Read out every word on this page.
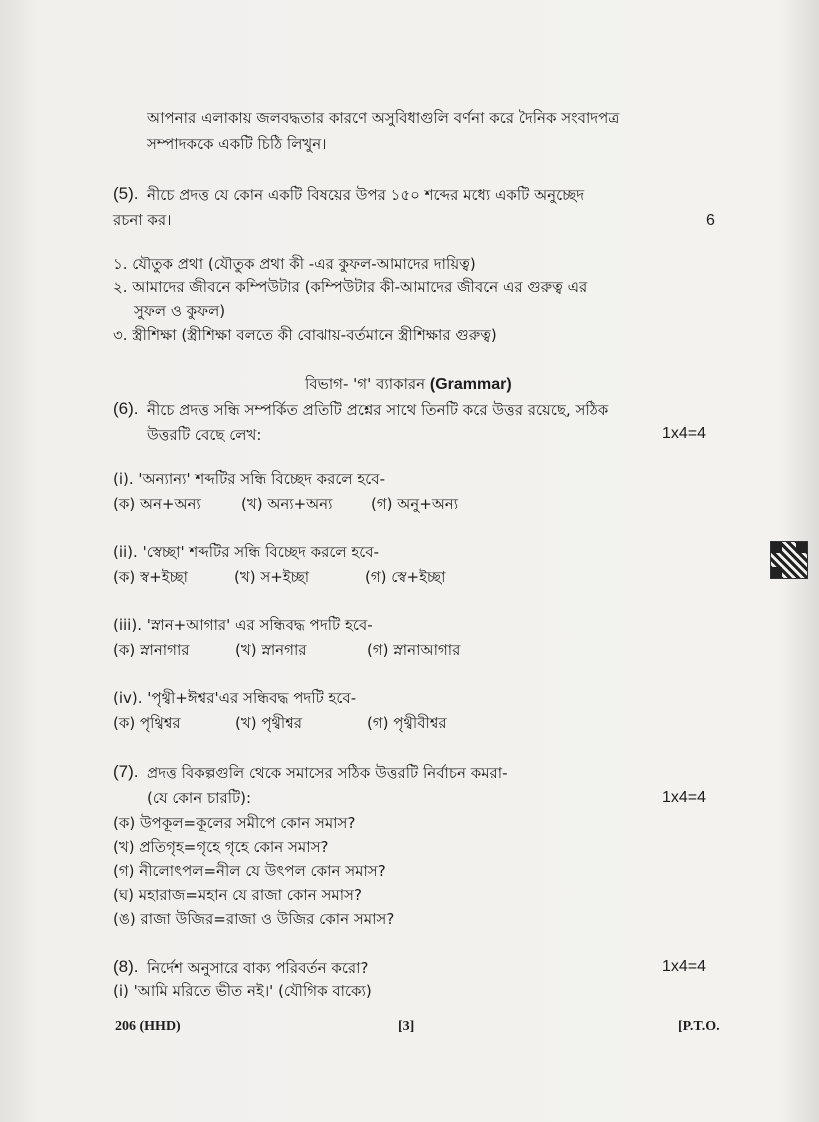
আপনার এলাকায় জলবদ্ধতার কারণে অসুবিধাগুলি বর্ণনা করে দৈনিক সংবাদপত্র
সম্পাদককে একটি চিঠি লিখুন।
(5). নীচে প্রদত্ত যে কোন একটি বিষয়ের উপর ১৫০ শব্দের মধ্যে একটি অনুচ্ছেদ
রচনা কর।	6
১. যৌতুক প্রথা (যৌতুক প্রথা কী -এর কুফল-আমাদের দায়িত্ব)
২. আমাদের জীবনে কম্পিউটার (কম্পিউটার কী-আমাদের জীবনে এর গুরুত্ব এর
সুফল ও কুফল)
৩. স্ত্রীশিক্ষা (স্ত্রীশিক্ষা বলতে কী বোঝায়-বর্তমানে স্ত্রীশিক্ষার গুরুত্ব)
বিভাগ- 'গ' ব্যাকারন (Grammar)
(6). নীচে প্রদত্ত সন্ধি সম্পর্কিত প্রতিটি প্রশ্নের সাথে তিনটি করে উত্তর রয়েছে, সঠিক
উত্তরটি বেছে লেখ:	1x4=4
(i). 'অন্যান্য' শব্দটির সন্ধি বিচ্ছেদ করলে হবে-
(ক) অন+অন্য	(খ) অন্য+অন্য	(গ) অনু+অন্য
(ii). 'স্বেচ্ছা' শব্দটির সন্ধি বিচ্ছেদ করলে হবে-
(ক) স্ব+ইচ্ছা	(খ) স+ইচ্ছা	(গ) স্বে+ইচ্ছা
(iii). 'স্নান+আগার' এর সন্ধিবদ্ধ পদটি হবে-
(ক) স্নানাগার	(খ) স্নানগার	(গ) স্নানাআগার
(iv). 'পৃথ্বী+ঈশ্বর'এর সন্ধিবদ্ধ পদটি হবে-
(ক) পৃথ্বিশ্বর	(খ) পৃথ্বীশ্বর	(গ) পৃথ্বীবীশ্বর
(7). প্রদত্ত বিকল্পগুলি থেকে সমাসের সঠিক উত্তরটি নির্বাচন কমরা-
(যে কোন চারটি):	1x4=4
(ক) উপকূল=কূলের সমীপে কোন সমাস?
(খ) প্রতিগৃহ=গৃহে গৃহে কোন সমাস?
(গ) নীলোৎপল=নীল যে উৎপল কোন সমাস?
(ঘ) মহারাজ=মহান যে রাজা কোন সমাস?
(ঙ) রাজা উজির=রাজা ও উজির কোন সমাস?
(8). নির্দেশ অনুসারে বাক্য পরিবর্তন করো?	1x4=4
(i) 'আমি মরিতে ভীত নই।' (যৌগিক বাক্যে)
206 (HHD)	[3]	[P.T.O.
